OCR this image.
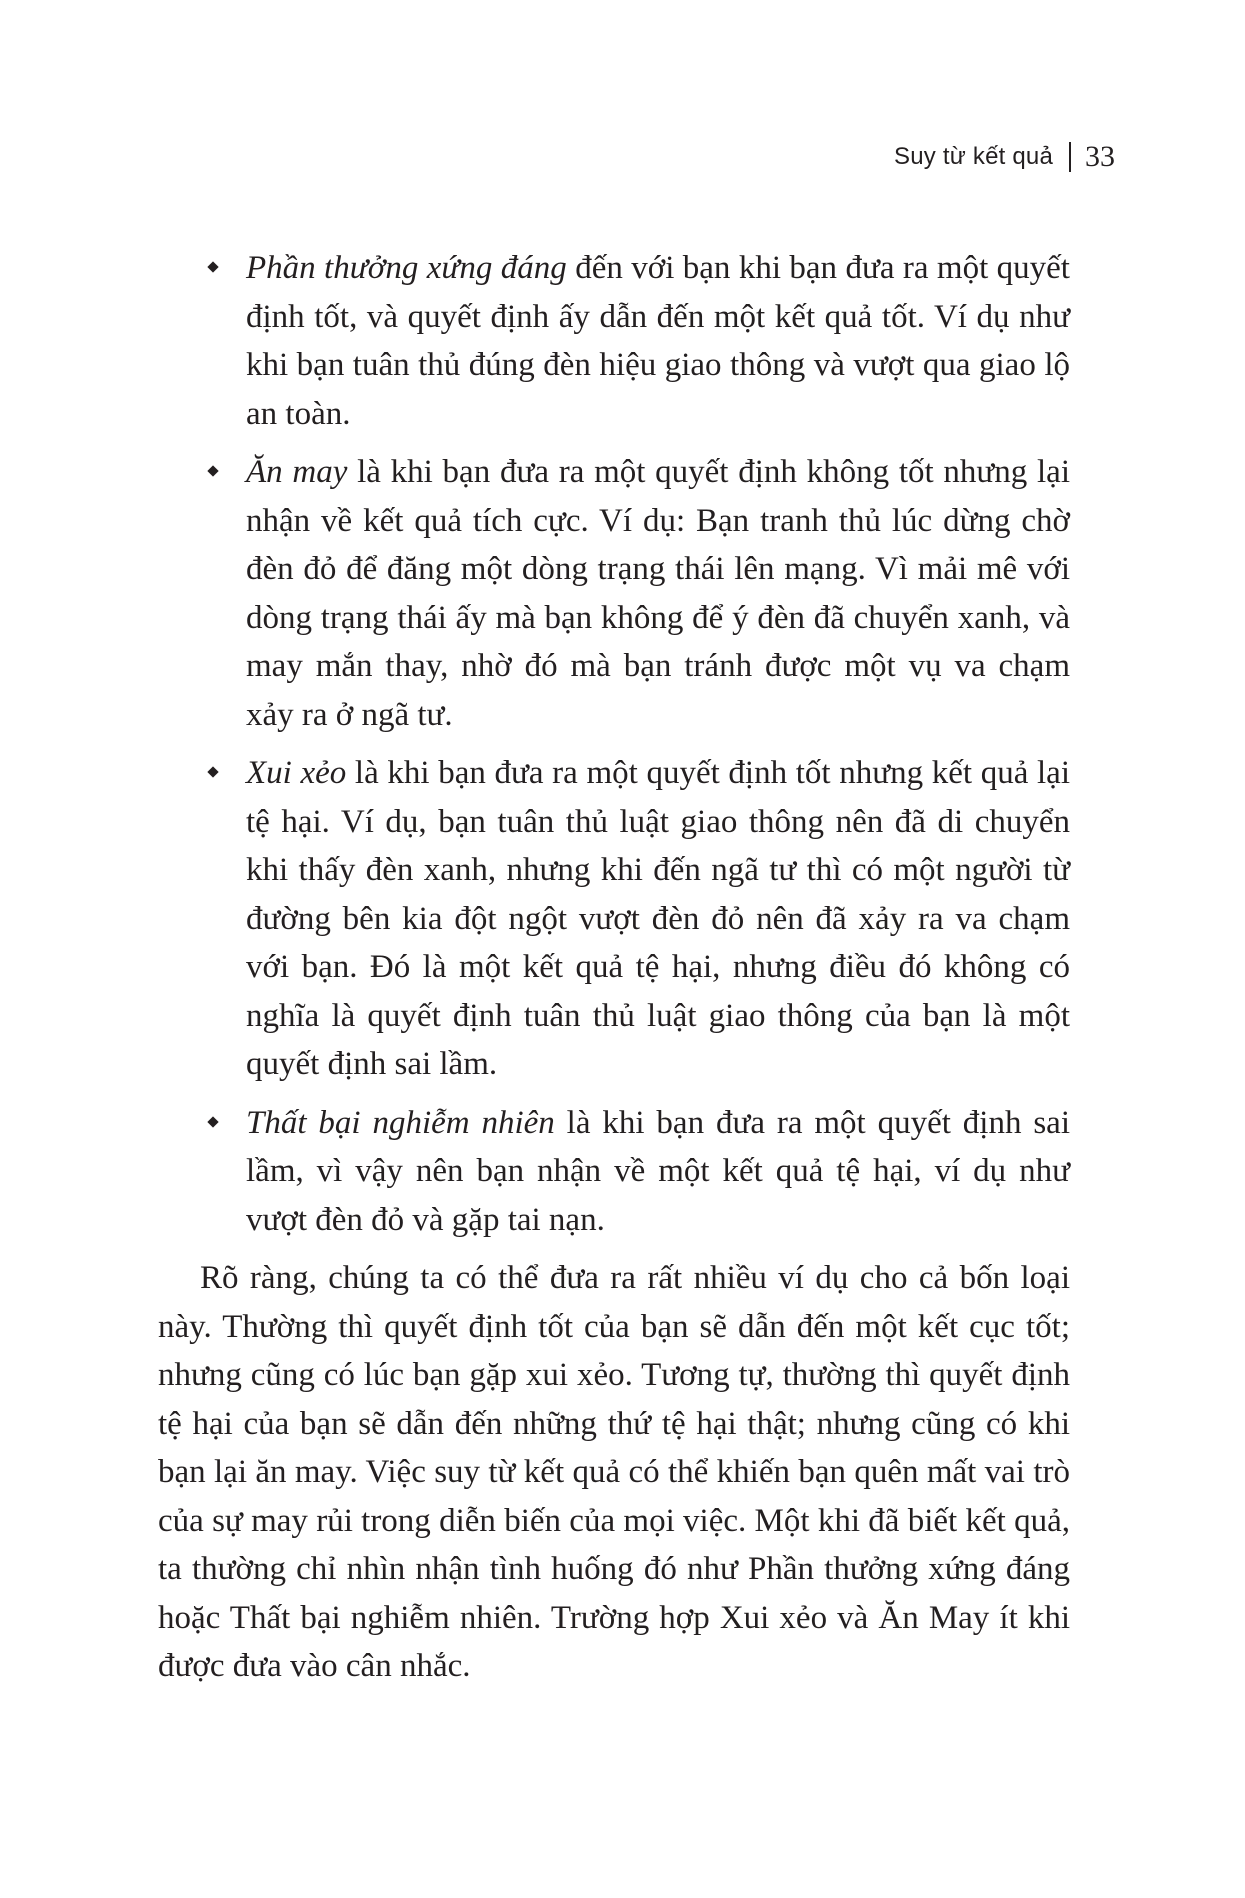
Suy từ kết quả 33
Phần thưởng xứng đáng đến với bạn khi bạn đưa ra một quyết định tốt, và quyết định ấy dẫn đến một kết quả tốt. Ví dụ như khi bạn tuân thủ đúng đèn hiệu giao thông và vượt qua giao lộ an toàn.
Ăn may là khi bạn đưa ra một quyết định không tốt nhưng lại nhận về kết quả tích cực. Ví dụ: Bạn tranh thủ lúc dừng chờ đèn đỏ để đăng một dòng trạng thái lên mạng. Vì mải mê với dòng trạng thái ấy mà bạn không để ý đèn đã chuyển xanh, và may mắn thay, nhờ đó mà bạn tránh được một vụ va chạm xảy ra ở ngã tư.
Xui xẻo là khi bạn đưa ra một quyết định tốt nhưng kết quả lại tệ hại. Ví dụ, bạn tuân thủ luật giao thông nên đã di chuyển khi thấy đèn xanh, nhưng khi đến ngã tư thì có một người từ đường bên kia đột ngột vượt đèn đỏ nên đã xảy ra va chạm với bạn. Đó là một kết quả tệ hại, nhưng điều đó không có nghĩa là quyết định tuân thủ luật giao thông của bạn là một quyết định sai lầm.
Thất bại nghiễm nhiên là khi bạn đưa ra một quyết định sai lầm, vì vậy nên bạn nhận về một kết quả tệ hại, ví dụ như vượt đèn đỏ và gặp tai nạn.

Rõ ràng, chúng ta có thể đưa ra rất nhiều ví dụ cho cả bốn loại này. Thường thì quyết định tốt của bạn sẽ dẫn đến một kết cục tốt; nhưng cũng có lúc bạn gặp xui xẻo. Tương tự, thường thì quyết định tệ hại của bạn sẽ dẫn đến những thứ tệ hại thật; nhưng cũng có khi bạn lại ăn may. Việc suy từ kết quả có thể khiến bạn quên mất vai trò của sự may rủi trong diễn biến của mọi việc. Một khi đã biết kết quả, ta thường chỉ nhìn nhận tình huống đó như Phần thưởng xứng đáng hoặc Thất bại nghiễm nhiên. Trường hợp Xui xẻo và Ăn May ít khi được đưa vào cân nhắc.
